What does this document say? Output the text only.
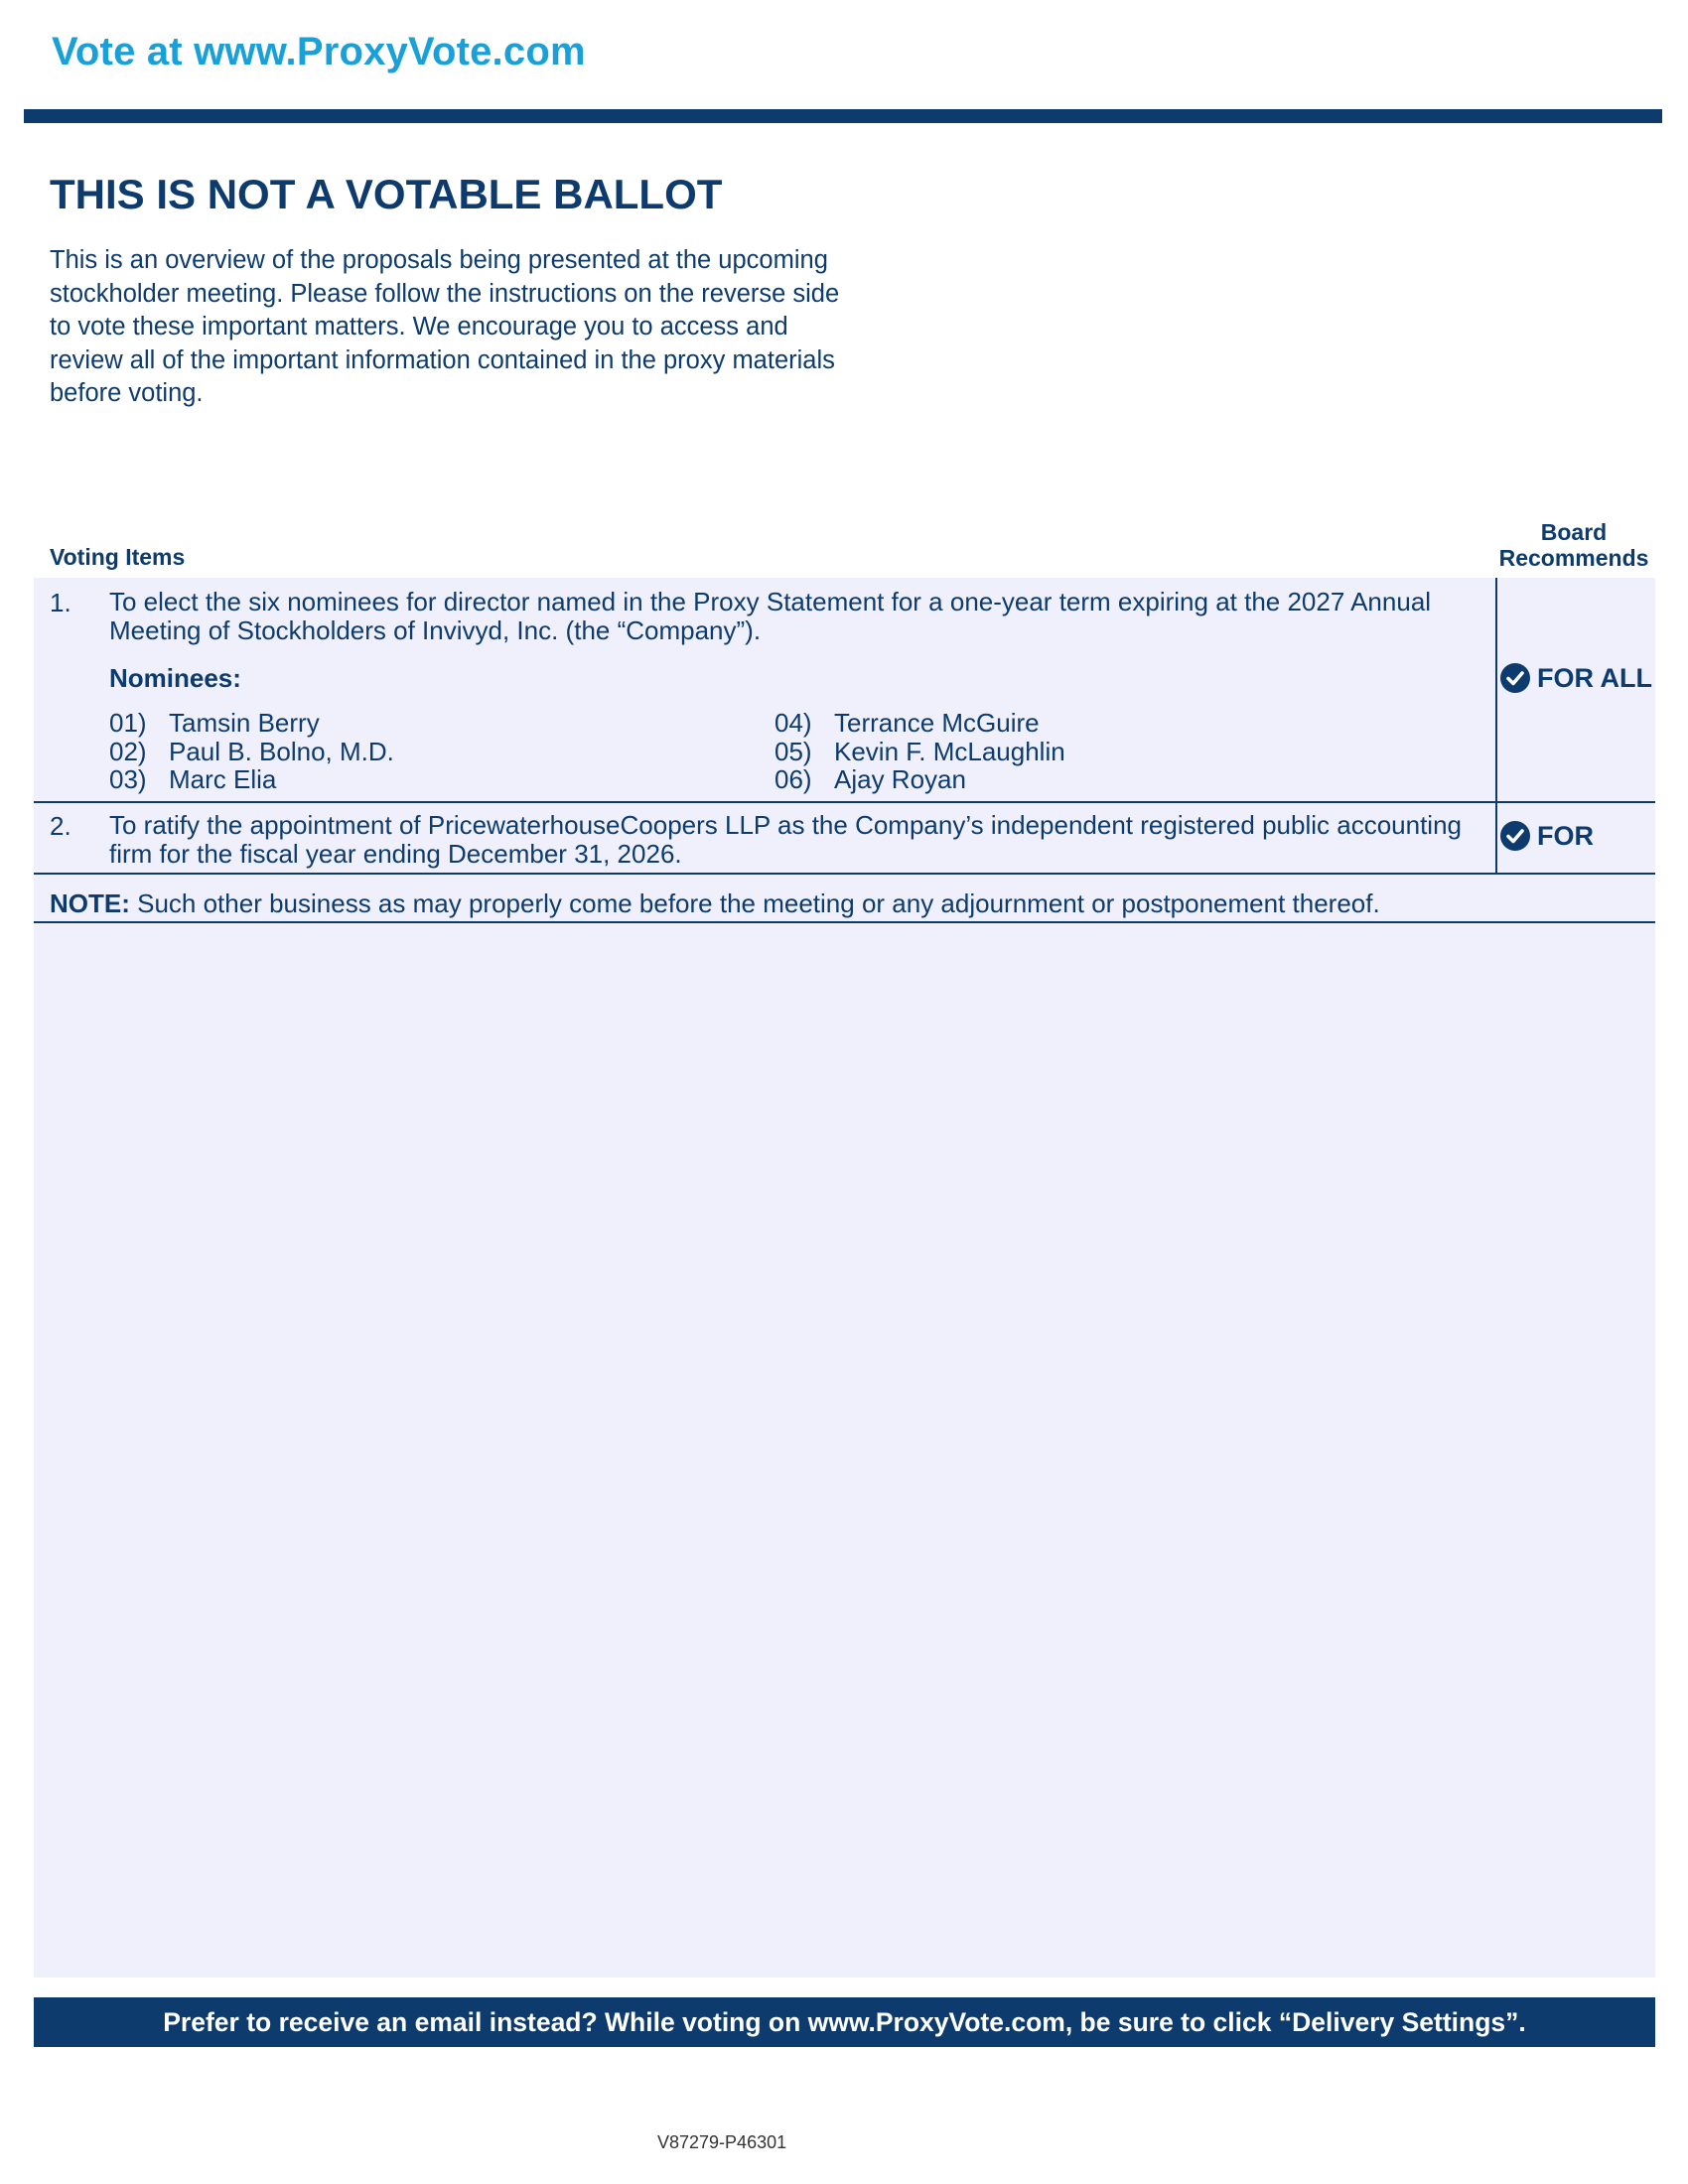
Vote at www.ProxyVote.com
THIS IS NOT A VOTABLE BALLOT

This is an overview of the proposals being presented at the upcoming stockholder meeting. Please follow the instructions on the reverse side to vote these important matters. We encourage you to access and review all of the important information contained in the proxy materials before voting.

Voting Items
Board
Recommends
1. To elect the six nominees for director named in the Proxy Statement for a one-year term expiring at the 2027 Annual Meeting of Stockholders of Invivyd, Inc. (the “Company”).
Nominees:
01) Tamsin Berry
02) Paul B. Bolno, M.D.
03) Marc Elia
04) Terrance McGuire
05) Kevin F. McLaughlin
06) Ajay Royan
FOR ALL
2. To ratify the appointment of PricewaterhouseCoopers LLP as the Company’s independent registered public accounting firm for the fiscal year ending December 31, 2026.
FOR
NOTE: Such other business as may properly come before the meeting or any adjournment or postponement thereof.
Prefer to receive an email instead? While voting on www.ProxyVote.com, be sure to click “Delivery Settings”.
V87279-P46301
